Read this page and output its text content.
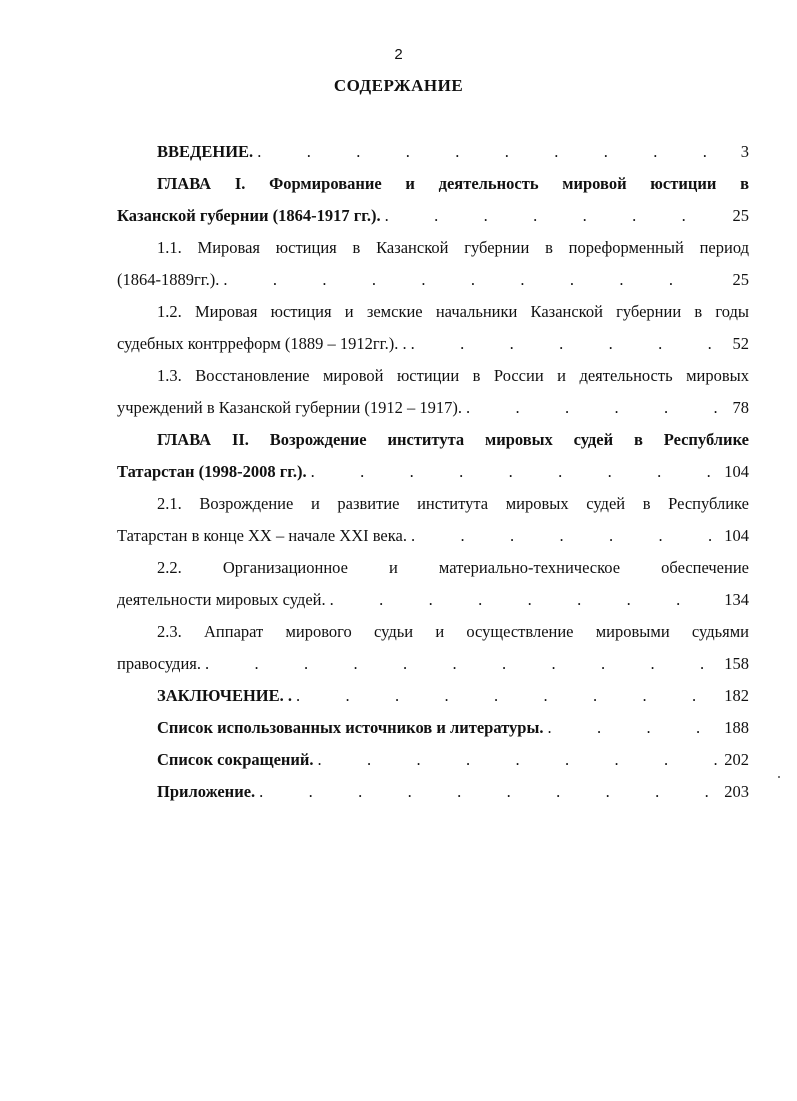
2
СОДЕРЖАНИЕ
ВВЕДЕНИЕ. .	3
ГЛАВА I. Формирование и деятельность мировой юстиции в
Казанской губернии (1864-1917 гг.). .	25
1.1. Мировая юстиция в Казанской губернии в пореформенный период
(1864-1889гг.). .	25
1.2. Мировая юстиция и земские начальники Казанской губернии в годы
судебных контрреформ (1889 – 1912гг.). . .	52
1.3. Восстановление мировой юстиции в России и деятельность мировых
учреждений в Казанской губернии (1912 – 1917). .	78
ГЛАВА II. Возрождение института мировых судей в Республике
Татарстан (1998-2008 гг.). .	104
2.1. Возрождение и развитие института мировых судей в Республике
Татарстан в конце XX – начале XXI века. .	104
2.2. Организационное и материально-техническое обеспечение
деятельности мировых судей. .	134
2.3. Аппарат мирового судьи и осуществление мировыми судьями
правосудия. .	158
ЗАКЛЮЧЕНИЕ. . .	182
Список использованных источников и литературы. .	188
Список сокращений. .	202
Приложение. .	203
